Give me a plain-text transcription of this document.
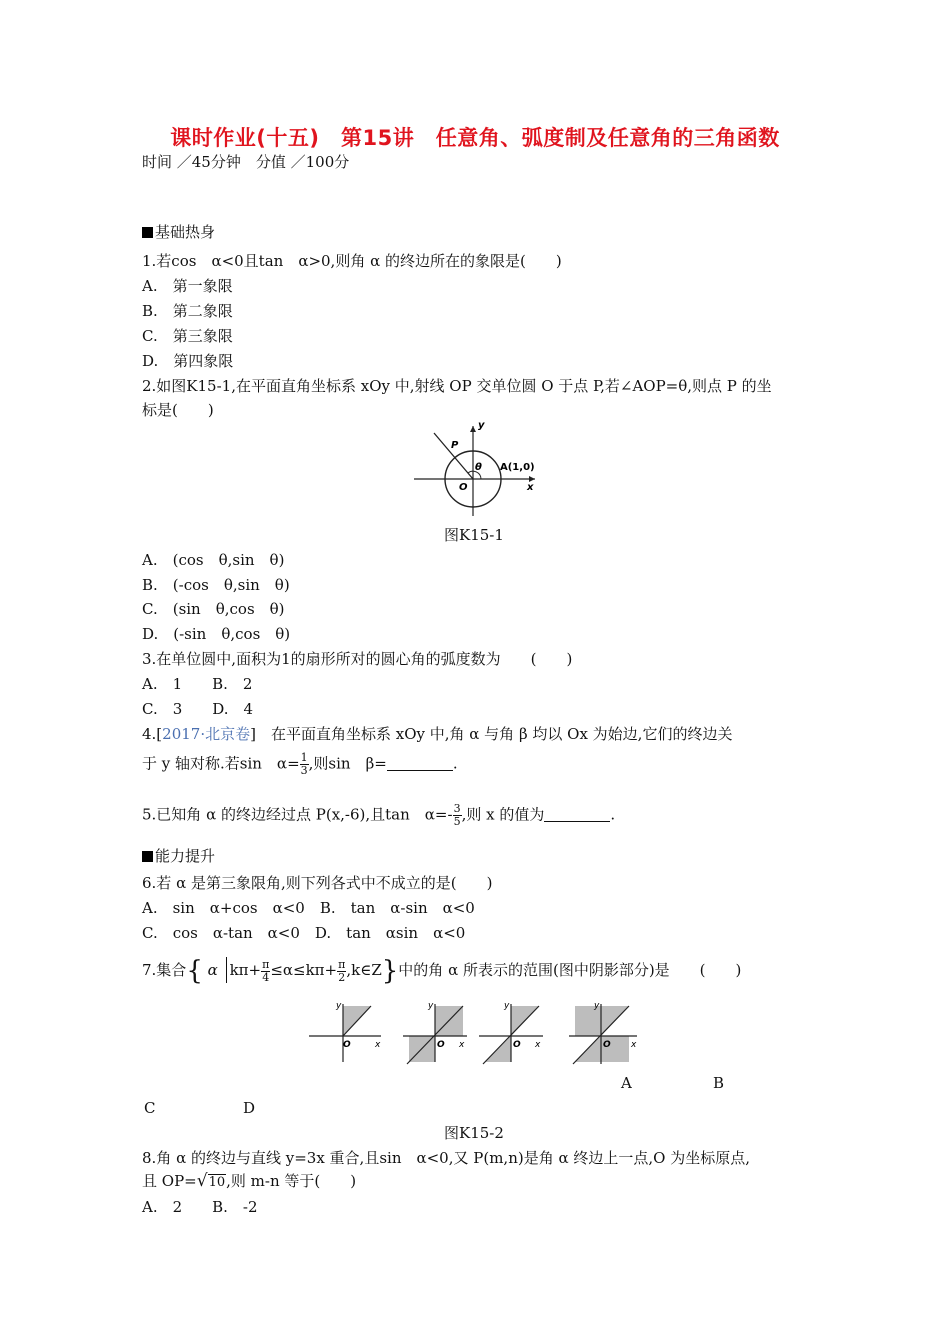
课时作业(十五)　第15讲　任意角、弧度制及任意角的三角函数
时间 ／45分钟　分值 ／100分
基础热身
1.若cos　α<0且tan　α>0,则角 α 的终边所在的象限是(　　)
A.　第一象限
B.　第二象限
C.　第三象限
D.　第四象限
2.如图K15-1,在平面直角坐标系 xOy 中,射线 OP 交单位圆 O 于点 P,若∠AOP=θ,则点 P 的坐
标是(　　)
y
x
P
θ A(1,0)
O
图K15-1
A.　(cos　θ,sin　θ)
B.　(-cos　θ,sin　θ)
C.　(sin　θ,cos　θ)
D.　(-sin　θ,cos　θ)
3.在单位圆中,面积为1的扇形所对的圆心角的弧度数为　　(　　)
A.　1　　B.　2
C.　3　　D.　4
4.[2017·北京卷]　在平面直角坐标系 xOy 中,角 α 与角 β 均以 Ox 为始边,它们的终边关
于 y 轴对称.若sin　$\alpha= \frac{1}{3}$ ,则sin　β=	.
5.已知角 α 的终边经过点 P(x,-6),且tan　$\alpha=- \frac{3}{5}$ ,则 x 的值为	.
能力提升
6.若 α 是第三象限角,则下列各式中不成立的是(　　)
A.　sin　α+cos　α<0　B.　tan　α-sin　α<0
C.　cos　α-tan　α<0　D.　tan　αsin　α<0
7.集合{ α $k\pi+ \frac{\pi}{4} \le\alpha\le k\pi+ \frac{\pi}{2}$ ,k∈Z}中的角 α 所表示的范围(图中阴影部分)是　　(　　)
y
x
O
y
x
O
y
x
O
y
x
O
A	B
C	D
图K15-2
8.角 α 的终边与直线 y=3x 重合,且sin　α<0,又 P(m,n)是角 α 终边上一点,O 为坐标原点,
且 OP=√10,则 m-n 等于(　　)
A.　2　　B.　-2
